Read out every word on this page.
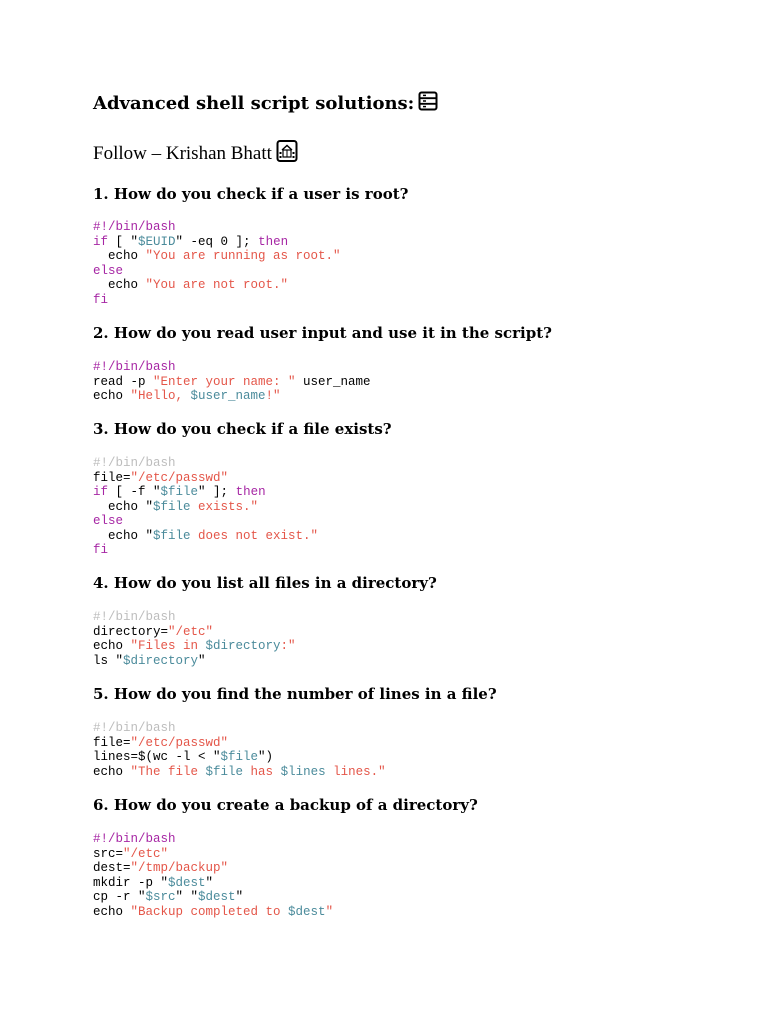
Advanced shell script solutions:
Follow – Krishan Bhatt
1. How do you check if a user is root?
#!/bin/bash
if [ "$EUID" -eq 0 ]; then
echo "You are running as root."
else
echo "You are not root."
fi
2. How do you read user input and use it in the script?
#!/bin/bash
read -p "Enter your name: " user_name
echo "Hello, $user_name!"
3. How do you check if a file exists?
#!/bin/bash
file="/etc/passwd"
if [ -f "$file" ]; then
echo "$file exists."
else
echo "$file does not exist."
fi
4. How do you list all files in a directory?
#!/bin/bash
directory="/etc"
echo "Files in $directory:"
ls "$directory"
5. How do you find the number of lines in a file?
#!/bin/bash
file="/etc/passwd"
lines=$(wc -l < "$file")
echo "The file $file has $lines lines."
6. How do you create a backup of a directory?
#!/bin/bash
src="/etc"
dest="/tmp/backup"
mkdir -p "$dest"
cp -r "$src" "$dest"
echo "Backup completed to $dest"
